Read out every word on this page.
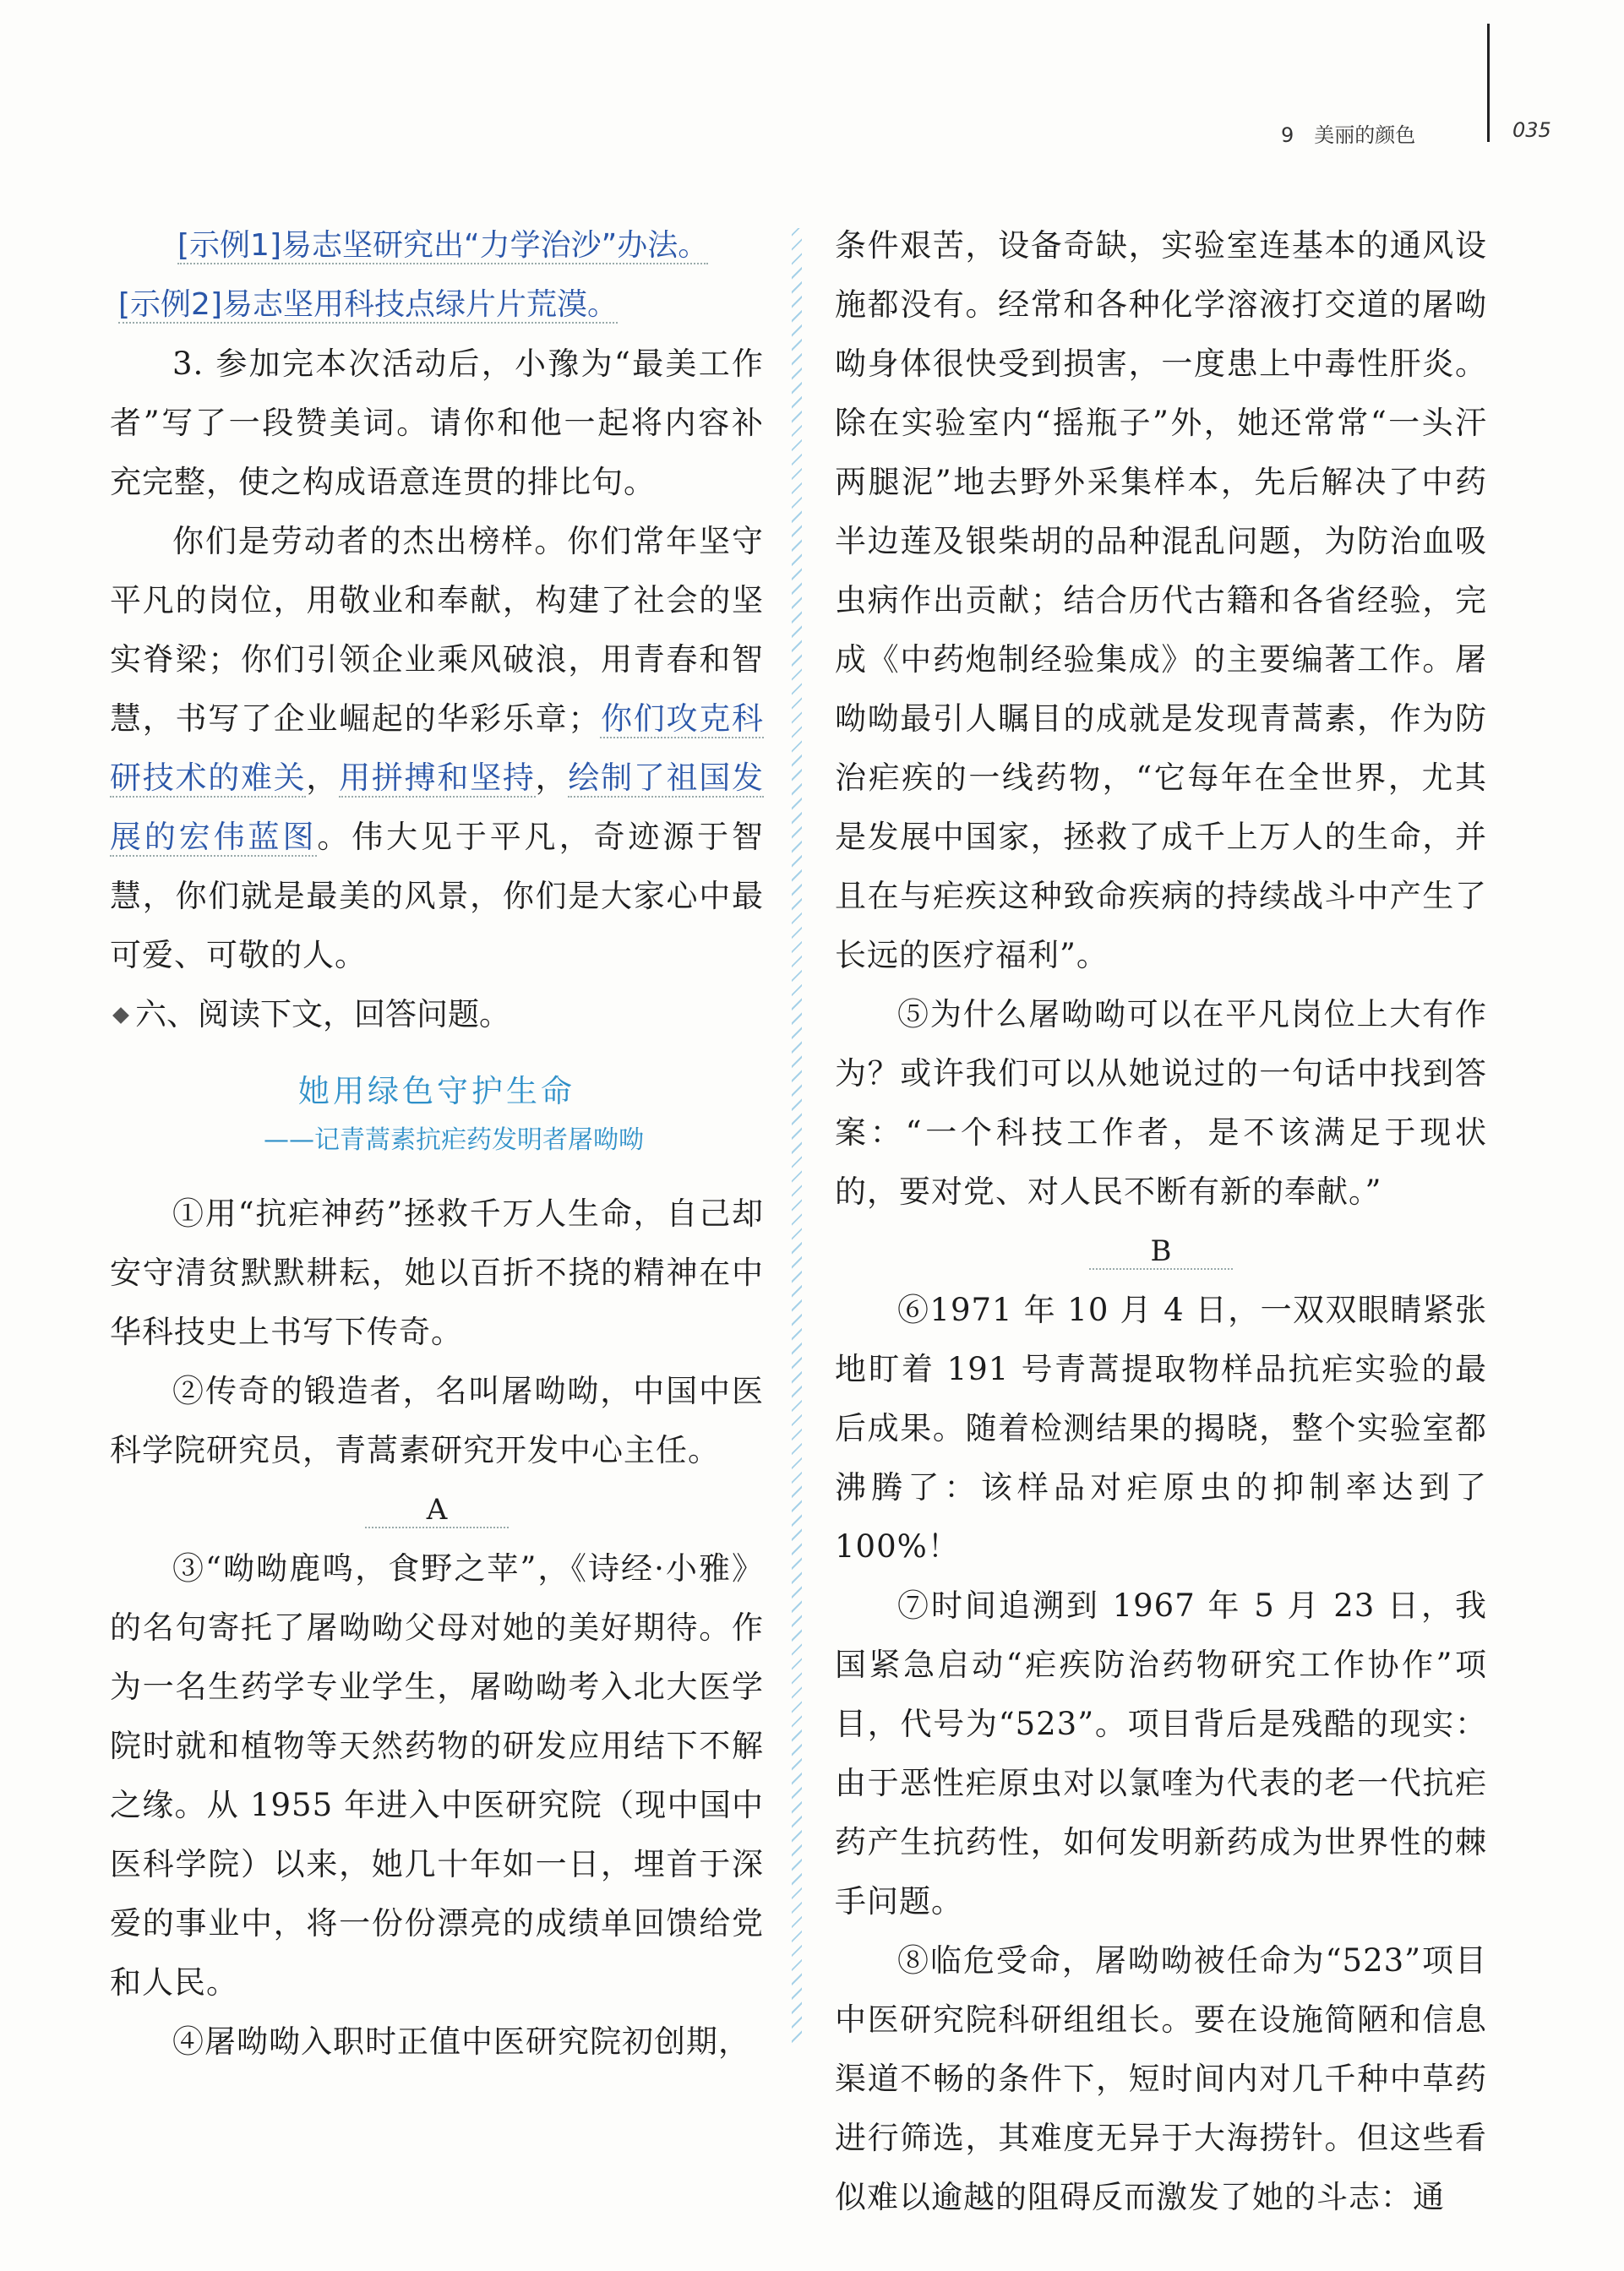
9　美丽的颜色	035
[示例1]易志坚研究出“力学治沙”办法。
[示例2]易志坚用科技点绿片片荒漠。

3. 参加完本次活动后，小豫为“最美工作者”写了一段赞美词。请你和他一起将内容补充完整，使之构成语意连贯的排比句。

你们是劳动者的杰出榜样。你们常年坚守平凡的岗位，用敬业和奉献，构建了社会的坚实脊梁；你们引领企业乘风破浪，用青春和智慧，书写了企业崛起的华彩乐章；你们攻克科研技术的难关，用拼搏和坚持，绘制了祖国发展的宏伟蓝图。伟大见于平凡，奇迹源于智慧，你们就是最美的风景，你们是大家心中最可爱、可敬的人。

六、阅读下文，回答问题。
她用绿色守护生命
——记青蒿素抗疟药发明者屠呦呦

①用“抗疟神药”拯救千万人生命，自己却安守清贫默默耕耘，她以百折不挠的精神在中华科技史上书写下传奇。

②传奇的锻造者，名叫屠呦呦，中国中医科学院研究员，青蒿素研究开发中心主任。

A

③“呦呦鹿鸣，食野之苹”，《诗经·小雅》的名句寄托了屠呦呦父母对她的美好期待。作为一名生药学专业学生，屠呦呦考入北大医学院时就和植物等天然药物的研发应用结下不解之缘。从 1955 年进入中医研究院（现中国中医科学院）以来，她几十年如一日，埋首于深爱的事业中，将一份份漂亮的成绩单回馈给党和人民。

④屠呦呦入职时正值中医研究院初创期，

条件艰苦，设备奇缺，实验室连基本的通风设施都没有。经常和各种化学溶液打交道的屠呦呦身体很快受到损害，一度患上中毒性肝炎。除在实验室内“摇瓶子”外，她还常常“一头汗两腿泥”地去野外采集样本，先后解决了中药半边莲及银柴胡的品种混乱问题，为防治血吸虫病作出贡献；结合历代古籍和各省经验，完成《中药炮制经验集成》的主要编著工作。屠呦呦最引人瞩目的成就是发现青蒿素，作为防治疟疾的一线药物，“它每年在全世界，尤其是发展中国家，拯救了成千上万人的生命，并且在与疟疾这种致命疾病的持续战斗中产生了长远的医疗福利”。

⑤为什么屠呦呦可以在平凡岗位上大有作为？或许我们可以从她说过的一句话中找到答案：“一个科技工作者，是不该满足于现状的，要对党、对人民不断有新的奉献。”

B

⑥1971 年 10 月 4 日，一双双眼睛紧张地盯着 191 号青蒿提取物样品抗疟实验的最后成果。随着检测结果的揭晓，整个实验室都沸腾了：该样品对疟原虫的抑制率达到了 100%！

⑦时间追溯到 1967 年 5 月 23 日，我国紧急启动“疟疾防治药物研究工作协作”项目，代号为“523”。项目背后是残酷的现实：由于恶性疟原虫对以氯喹为代表的老一代抗疟药产生抗药性，如何发明新药成为世界性的棘手问题。

⑧临危受命，屠呦呦被任命为“523”项目中医研究院科研组组长。要在设施简陋和信息渠道不畅的条件下，短时间内对几千种中草药进行筛选，其难度无异于大海捞针。但这些看似难以逾越的阻碍反而激发了她的斗志：通
